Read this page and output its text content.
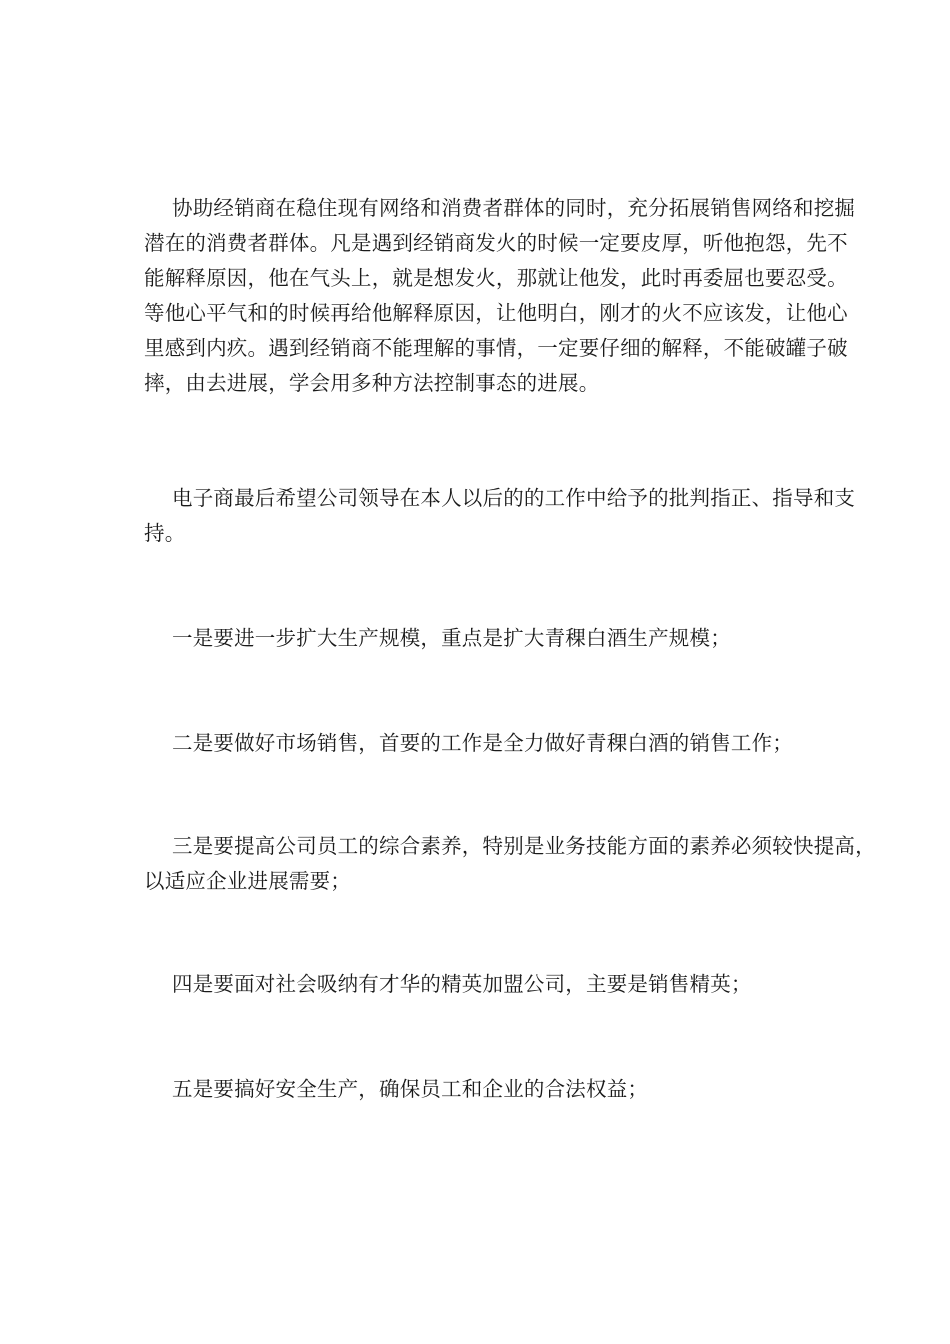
协助经销商在稳住现有网络和消费者群体的同时，充分拓展销售网络和挖掘
潜在的消费者群体。凡是遇到经销商发火的时候一定要皮厚，听他抱怨，先不
能解释原因，他在气头上，就是想发火，那就让他发，此时再委屈也要忍受。
等他心平气和的时候再给他解释原因，让他明白，刚才的火不应该发，让他心
里感到内疚。遇到经销商不能理解的事情，一定要仔细的解释，不能破罐子破
摔，由去进展，学会用多种方法控制事态的进展。
电子商最后希望公司领导在本人以后的的工作中给予的批判指正、指导和支
持。
一是要进一步扩大生产规模，重点是扩大青稞白酒生产规模；
二是要做好市场销售，首要的工作是全力做好青稞白酒的销售工作；
三是要提高公司员工的综合素养，特别是业务技能方面的素养必须较快提高，
以适应企业进展需要；
四是要面对社会吸纳有才华的精英加盟公司，主要是销售精英；
五是要搞好安全生产，确保员工和企业的合法权益；
